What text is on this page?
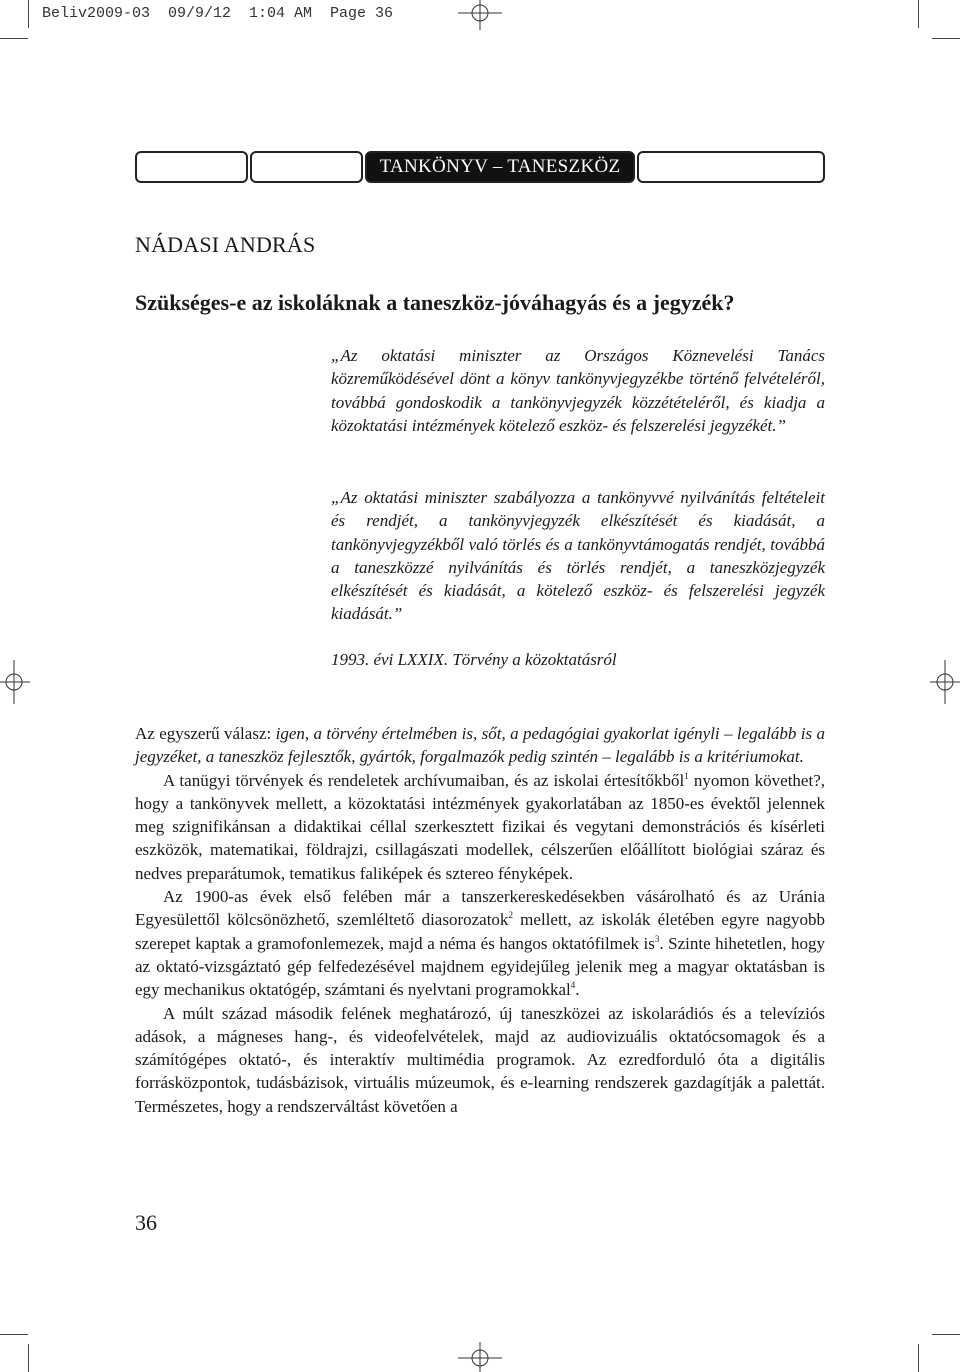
Beliv2009-03  09/9/12  1:04 AM  Page 36
TANKÖNYV – TANESZKÖZ
NÁDASI ANDRÁS
Szükséges-e az iskoláknak a taneszköz-jóváhagyás és a jegyzék?

„Az oktatási miniszter az Országos Köznevelési Tanács közreműködésével dönt a könyv tankönyvjegyzékbe történő felvételéről, továbbá gondoskodik a tankönyvjegyzék közzétételéről, és kiadja a közoktatási intézmények kötelező eszköz- és felszerelési jegyzékét.”

„Az oktatási miniszter szabályozza a tankönyvvé nyilvánítás feltételeit és rendjét, a tankönyvjegyzék elkészítését és kiadását, a tankönyvjegyzékből való törlés és a tankönyvtámogatás rendjét, továbbá a taneszközzé nyilvánítás és törlés rendjét, a taneszközjegyzék elkészítését és kiadását, a kötelező eszköz- és felszerelési jegyzék kiadását.”

1993. évi LXXIX. Törvény a közoktatásról

Az egyszerű válasz: igen, a törvény értelmében is, sőt, a pedagógiai gyakorlat igényli – legalább is a jegyzéket, a taneszköz fejlesztők, gyártók, forgalmazók pedig szintén – legalább is a kritériumokat.

A tanügyi törvények és rendeletek archívumaiban, és az iskolai értesítőkből$^1$ nyomon követhet?, hogy a tankönyvek mellett, a közoktatási intézmények gyakorlatában az 1850-es évektől jelennek meg szignifikánsan a didaktikai céllal szerkesztett fizikai és vegytani demonstrációs és kísérleti eszközök, matematikai, földrajzi, csillagászati modellek, célszerűen előállított biológiai száraz és nedves preparátumok, tematikus faliképek és sztereo fényképek.

Az 1900-as évek első felében már a tanszerkereskedésekben vásárolható és az Uránia Egyesülettől kölcsönözhető, szemléltető diasorozatok$^2$ mellett, az iskolák életében egyre nagyobb szerepet kaptak a gramofonlemezek, majd a néma és hangos oktatófilmek $is^3$. Szinte hihetetlen, hogy az oktató-vizsgáztató gép felfedezésével majdnem egyidejűleg jelenik meg a magyar oktatásban is egy mechanikus oktatógép, számtani és nyelvtani programokkal$^4$.

A múlt század második felének meghatározó, új taneszközei az iskolarádiós és a televíziós adások, a mágneses hang-, és videofelvételek, majd az audiovizuális oktatócsomagok és a számítógépes oktató-, és interaktív multimédia programok. Az ezredforduló óta a digitális forrásközpontok, tudásbázisok, virtuális múzeumok, és e-learning rendszerek gazdagítják a palettát. Természetes, hogy a rendszerváltást követően a

36
